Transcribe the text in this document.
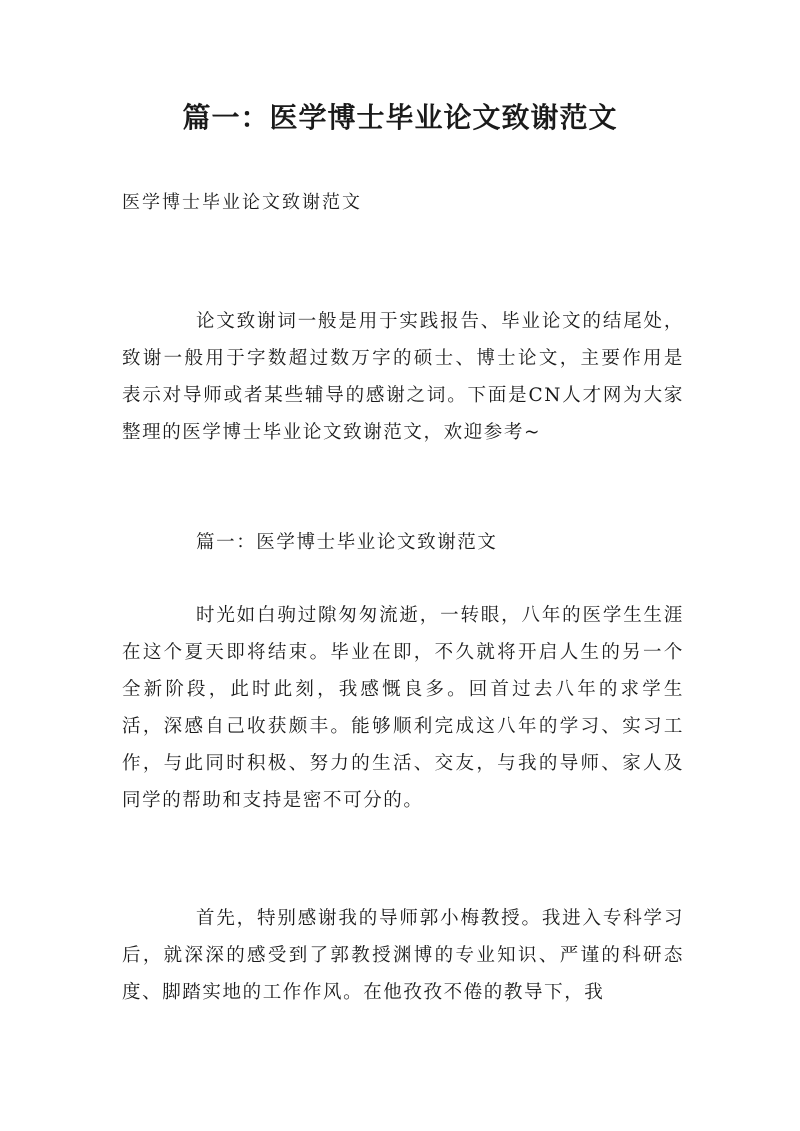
篇一：医学博士毕业论文致谢范文

医学博士毕业论文致谢范文

论文致谢词一般是用于实践报告、毕业论文的结尾处，致谢一般用于字数超过数万字的硕士、博士论文，主要作用是表示对导师或者某些辅导的感谢之词。下面是CN人才网为大家整理的医学博士毕业论文致谢范文，欢迎参考~

篇一：医学博士毕业论文致谢范文

时光如白驹过隙匆匆流逝，一转眼，八年的医学生生涯在这个夏天即将结束。毕业在即，不久就将开启人生的另一个全新阶段，此时此刻，我感慨良多。回首过去八年的求学生活，深感自己收获颇丰。能够顺利完成这八年的学习、实习工作，与此同时积极、努力的生活、交友，与我的导师、家人及同学的帮助和支持是密不可分的。

首先，特别感谢我的导师郭小梅教授。我进入专科学习后，就深深的感受到了郭教授渊博的专业知识、严谨的科研态度、脚踏实地的工作作风。在他孜孜不倦的教导下，我
